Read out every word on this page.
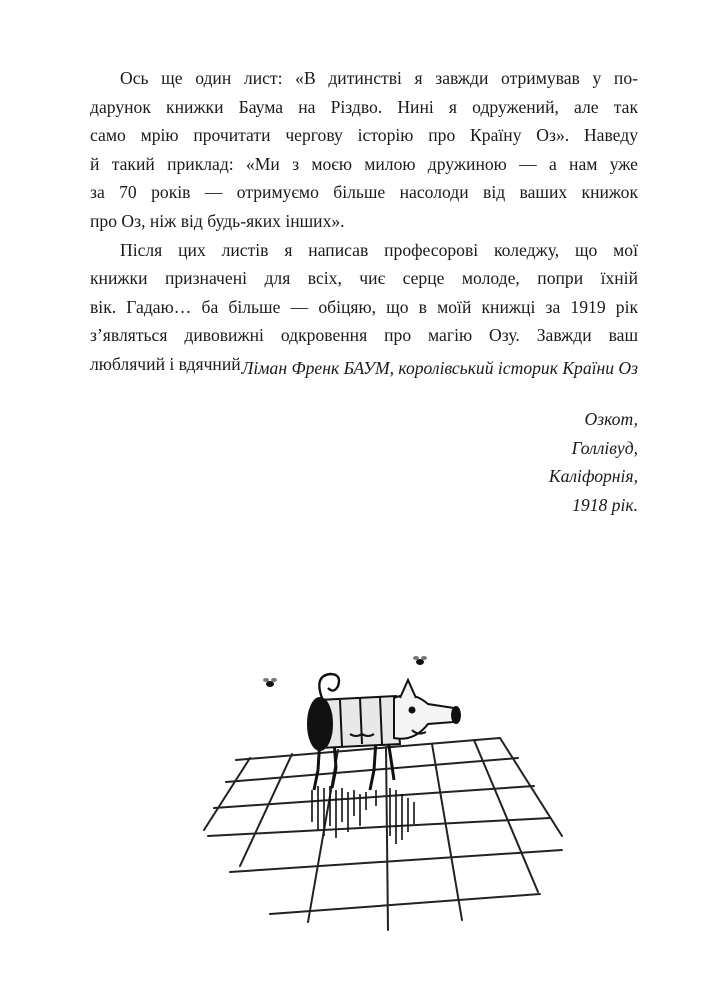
Ось ще один лист: «В дитинстві я завжди отримував у по-
дарунок книжки Баума на Різдво. Нині я одружений, але так
само мрію прочитати чергову історію про Країну Оз». Наведу
й такий приклад: «Ми з моєю милою дружиною — а нам уже
за 70 років — отримуємо більше насолоди від ваших книжок
про Оз, ніж від будь-яких інших».
Після цих листів я написав професорові коледжу, що мої
книжки призначені для всіх, чиє серце молоде, попри їхній
вік. Гадаю… ба більше — обіцяю, що в моїй книжці за 1919 рік
з’являться дивовижні одкровення про магію Озу. Завжди ваш
люблячий і вдячний Ліман Френк БАУМ, королівський історик Країни Оз
Озкот,
Голлівуд,
Каліфорнія,
1918 рік.
